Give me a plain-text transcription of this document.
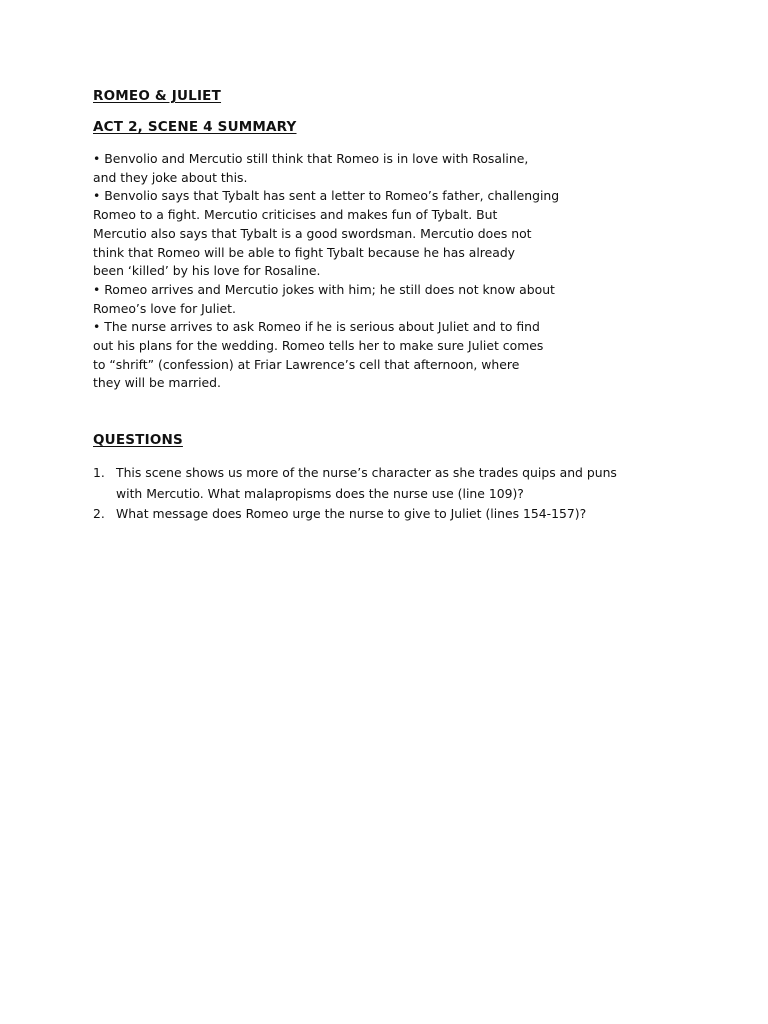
ROMEO & JULIET
ACT 2, SCENE 4 SUMMARY
• Benvolio and Mercutio still think that Romeo is in love with Rosaline,
and they joke about this.
• Benvolio says that Tybalt has sent a letter to Romeo’s father, challenging
Romeo to a fight. Mercutio criticises and makes fun of Tybalt. But
Mercutio also says that Tybalt is a good swordsman. Mercutio does not
think that Romeo will be able to fight Tybalt because he has already
been ‘killed’ by his love for Rosaline.
• Romeo arrives and Mercutio jokes with him; he still does not know about
Romeo’s love for Juliet.
• The nurse arrives to ask Romeo if he is serious about Juliet and to find
out his plans for the wedding. Romeo tells her to make sure Juliet comes
to “shrift” (confession) at Friar Lawrence’s cell that afternoon, where
they will be married.
QUESTIONS
1. This scene shows us more of the nurse’s character as she trades quips and puns
with Mercutio. What malapropisms does the nurse use (line 109)?
2. What message does Romeo urge the nurse to give to Juliet (lines 154-157)?
